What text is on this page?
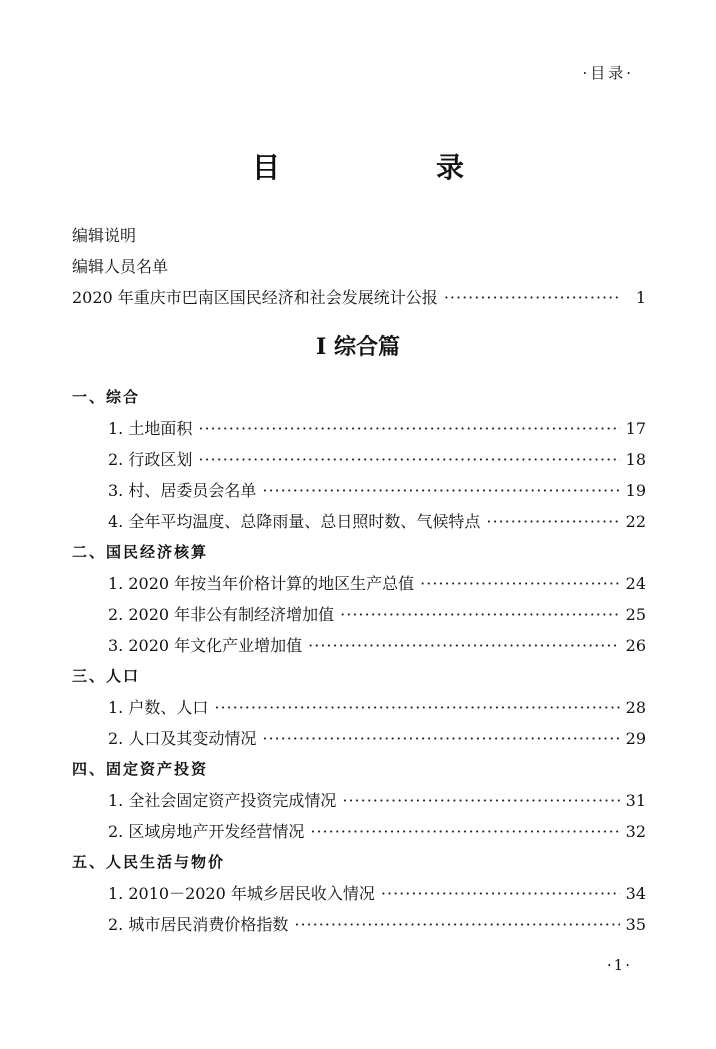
·目录·
目　录
编辑说明
编辑人员名单
2020 年重庆市巴南区国民经济和社会发展统计公报 ·····	1
I 综合篇
一、综合
1. 土地面积 ·····	17
2. 行政区划 ·····	18
3. 村、居委员会名单 ·····	19
4. 全年平均温度、总降雨量、总日照时数、气候特点 ·····	22
二、国民经济核算
1. 2020 年按当年价格计算的地区生产总值 ·····	24
2. 2020 年非公有制经济增加值 ·····	25
3. 2020 年文化产业增加值 ·····	26
三、人口
1. 户数、人口 ·····	28
2. 人口及其变动情况 ·····	29
四、固定资产投资
1. 全社会固定资产投资完成情况 ·····	31
2. 区域房地产开发经营情况 ·····	32
五、人民生活与物价
1. 2010－2020 年城乡居民收入情况 ·····	34
2. 城市居民消费价格指数 ·····	35
·1·
